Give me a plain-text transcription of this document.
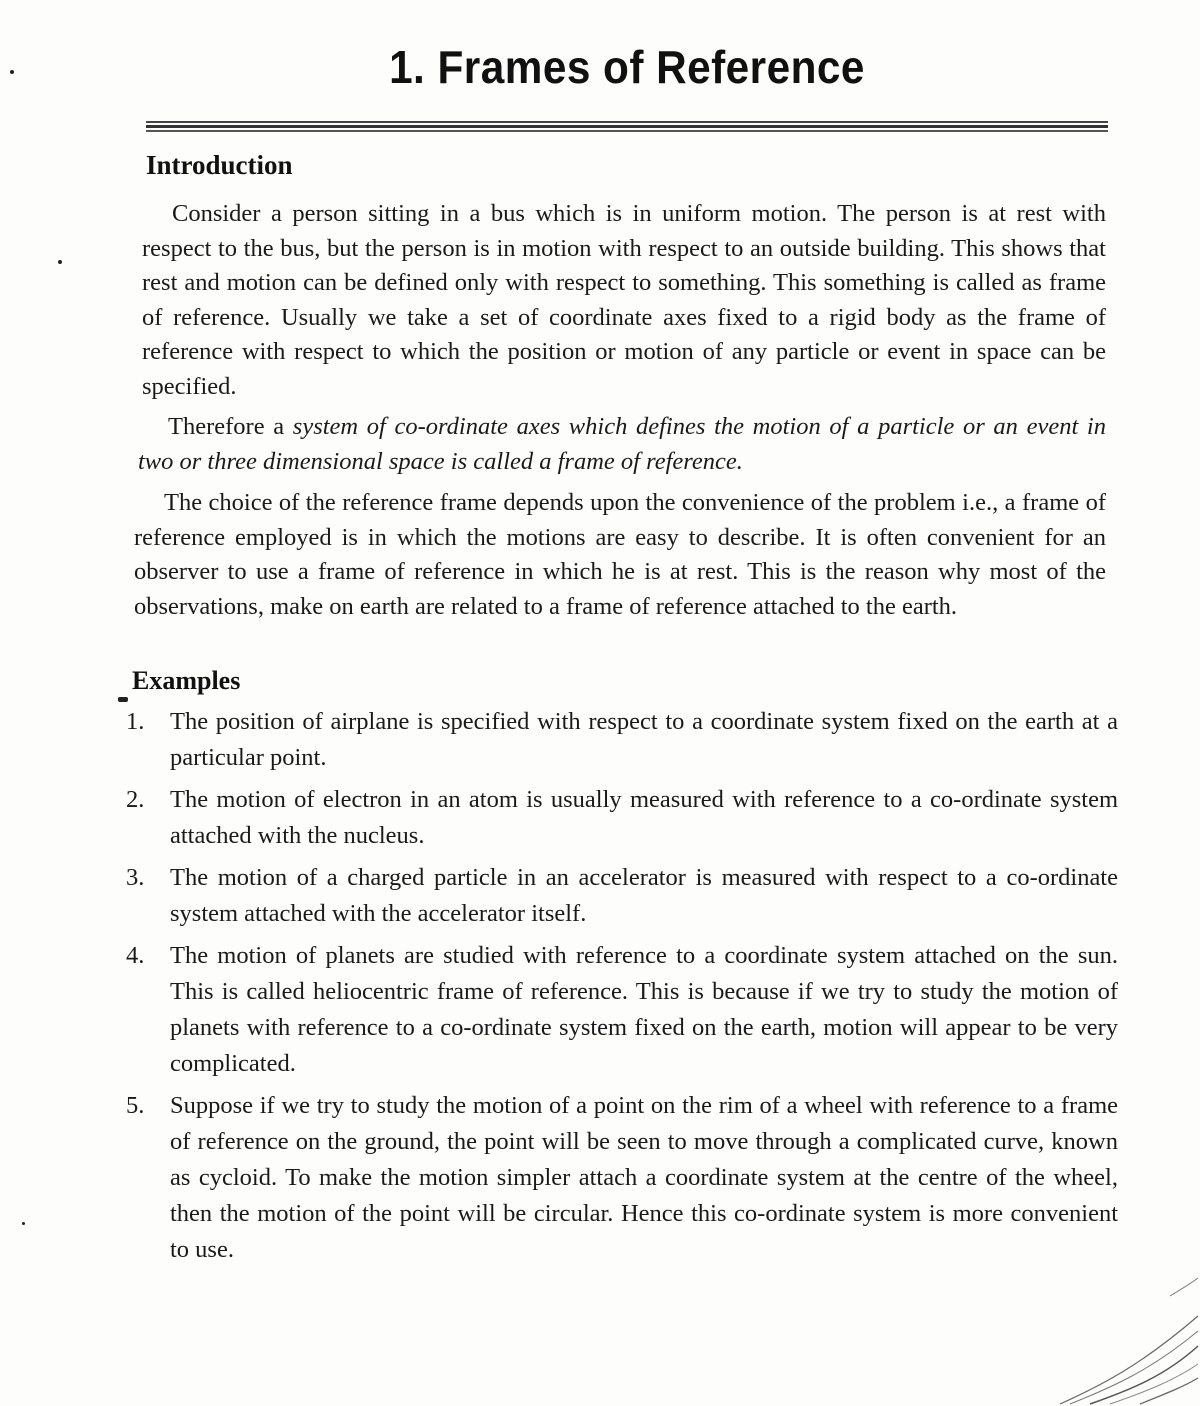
1. Frames of Reference
Introduction
Consider a person sitting in a bus which is in uniform motion. The person is at rest with respect to the bus, but the person is in motion with respect to an outside building. This shows that rest and motion can be defined only with respect to something. This something is called as frame of reference. Usually we take a set of coordinate axes fixed to a rigid body as the frame of reference with respect to which the position or motion of any particle or event in space can be specified.
Therefore a system of co-ordinate axes which defines the motion of a particle or an event in two or three dimensional space is called a frame of reference.
The choice of the reference frame depends upon the convenience of the problem i.e., a frame of reference employed is in which the motions are easy to describe. It is often convenient for an observer to use a frame of reference in which he is at rest. This is the reason why most of the observations, make on earth are related to a frame of reference attached to the earth.
Examples
1. The position of airplane is specified with respect to a coordinate system fixed on the earth at a particular point.
2. The motion of electron in an atom is usually measured with reference to a co-ordinate system attached with the nucleus.
3. The motion of a charged particle in an accelerator is measured with respect to a co-ordinate system attached with the accelerator itself.
4. The motion of planets are studied with reference to a coordinate system attached on the sun. This is called heliocentric frame of reference. This is because if we try to study the motion of planets with reference to a co-ordinate system fixed on the earth, motion will appear to be very complicated.
5. Suppose if we try to study the motion of a point on the rim of a wheel with reference to a frame of reference on the ground, the point will be seen to move through a complicated curve, known as cycloid. To make the motion simpler attach a coordinate system at the centre of the wheel, then the motion of the point will be circular. Hence this co-ordinate system is more convenient to use.
